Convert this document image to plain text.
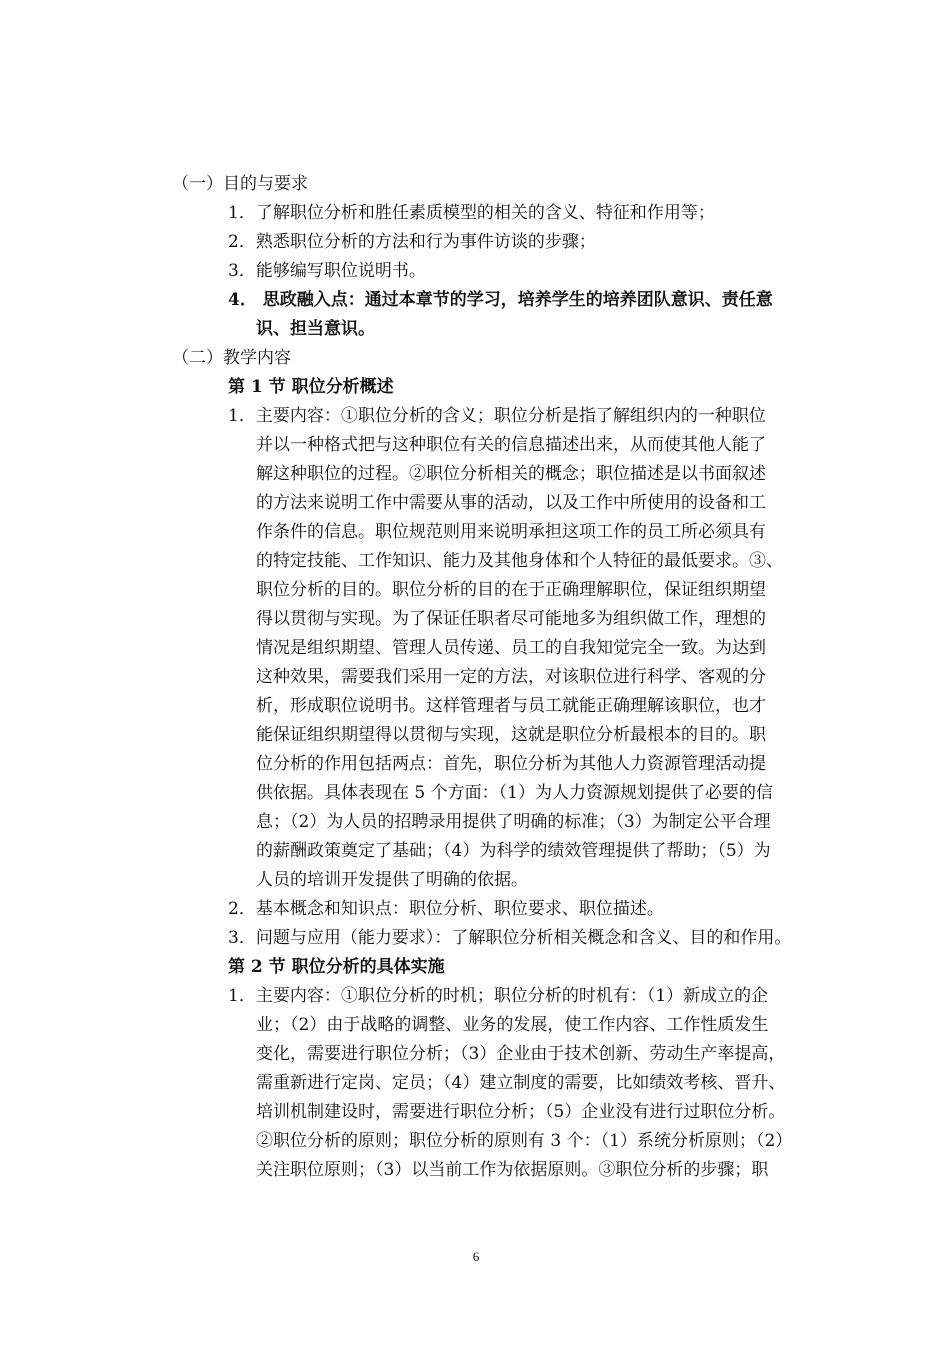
（一）目的与要求
1．了解职位分析和胜任素质模型的相关的含义、特征和作用等；
2．熟悉职位分析的方法和行为事件访谈的步骤；
3．能够编写职位说明书。
4． 思政融入点：通过本章节的学习，培养学生的培养团队意识、责任意
识、担当意识。
（二）教学内容
第 1 节 职位分析概述
1．主要内容：①职位分析的含义；职位分析是指了解组织内的一种职位
并以一种格式把与这种职位有关的信息描述出来，从而使其他人能了
解这种职位的过程。②职位分析相关的概念；职位描述是以书面叙述
的方法来说明工作中需要从事的活动，以及工作中所使用的设备和工
作条件的信息。职位规范则用来说明承担这项工作的员工所必须具有
的特定技能、工作知识、能力及其他身体和个人特征的最低要求。③、
职位分析的目的。职位分析的目的在于正确理解职位，保证组织期望
得以贯彻与实现。为了保证任职者尽可能地多为组织做工作，理想的
情况是组织期望、管理人员传递、员工的自我知觉完全一致。为达到
这种效果，需要我们采用一定的方法，对该职位进行科学、客观的分
析，形成职位说明书。这样管理者与员工就能正确理解该职位，也才
能保证组织期望得以贯彻与实现，这就是职位分析最根本的目的。职
位分析的作用包括两点：首先，职位分析为其他人力资源管理活动提
供依据。具体表现在 5 个方面：（1）为人力资源规划提供了必要的信
息；（2）为人员的招聘录用提供了明确的标准；（3）为制定公平合理
的薪酬政策奠定了基础；（4）为科学的绩效管理提供了帮助；（5）为
人员的培训开发提供了明确的依据。
2．基本概念和知识点：职位分析、职位要求、职位描述。
3．问题与应用（能力要求）：了解职位分析相关概念和含义、目的和作用。
第 2 节 职位分析的具体实施
1．主要内容：①职位分析的时机；职位分析的时机有：（1）新成立的企
业；（2）由于战略的调整、业务的发展，使工作内容、工作性质发生
变化，需要进行职位分析；（3）企业由于技术创新、劳动生产率提高，
需重新进行定岗、定员；（4）建立制度的需要，比如绩效考核、晋升、
培训机制建设时，需要进行职位分析；（5）企业没有进行过职位分析。
②职位分析的原则；职位分析的原则有 3 个：（1）系统分析原则；（2）
关注职位原则；（3）以当前工作为依据原则。③职位分析的步骤；职
6
